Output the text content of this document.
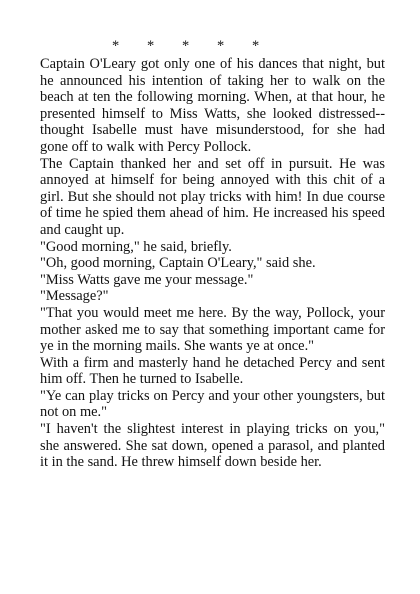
* * * * *

Captain O'Leary got only one of his dances that night, but he announced his intention of taking her to walk on the beach at ten the following morning. When, at that hour, he presented himself to Miss Watts, she looked distressed--thought Isabelle must have misunderstood, for she had gone off to walk with Percy Pollock.

The Captain thanked her and set off in pursuit. He was annoyed at himself for being annoyed with this chit of a girl. But she should not play tricks with him! In due course of time he spied them ahead of him. He increased his speed and caught up.

"Good morning," he said, briefly.

"Oh, good morning, Captain O'Leary," said she.

"Miss Watts gave me your message."

"Message?"

"That you would meet me here. By the way, Pollock, your mother asked me to say that something important came for ye in the morning mails. She wants ye at once."

With a firm and masterly hand he detached Percy and sent him off. Then he turned to Isabelle.

"Ye can play tricks on Percy and your other youngsters, but not on me."

"I haven't the slightest interest in playing tricks on you," she answered. She sat down, opened a parasol, and planted it in the sand. He threw himself down beside her.
